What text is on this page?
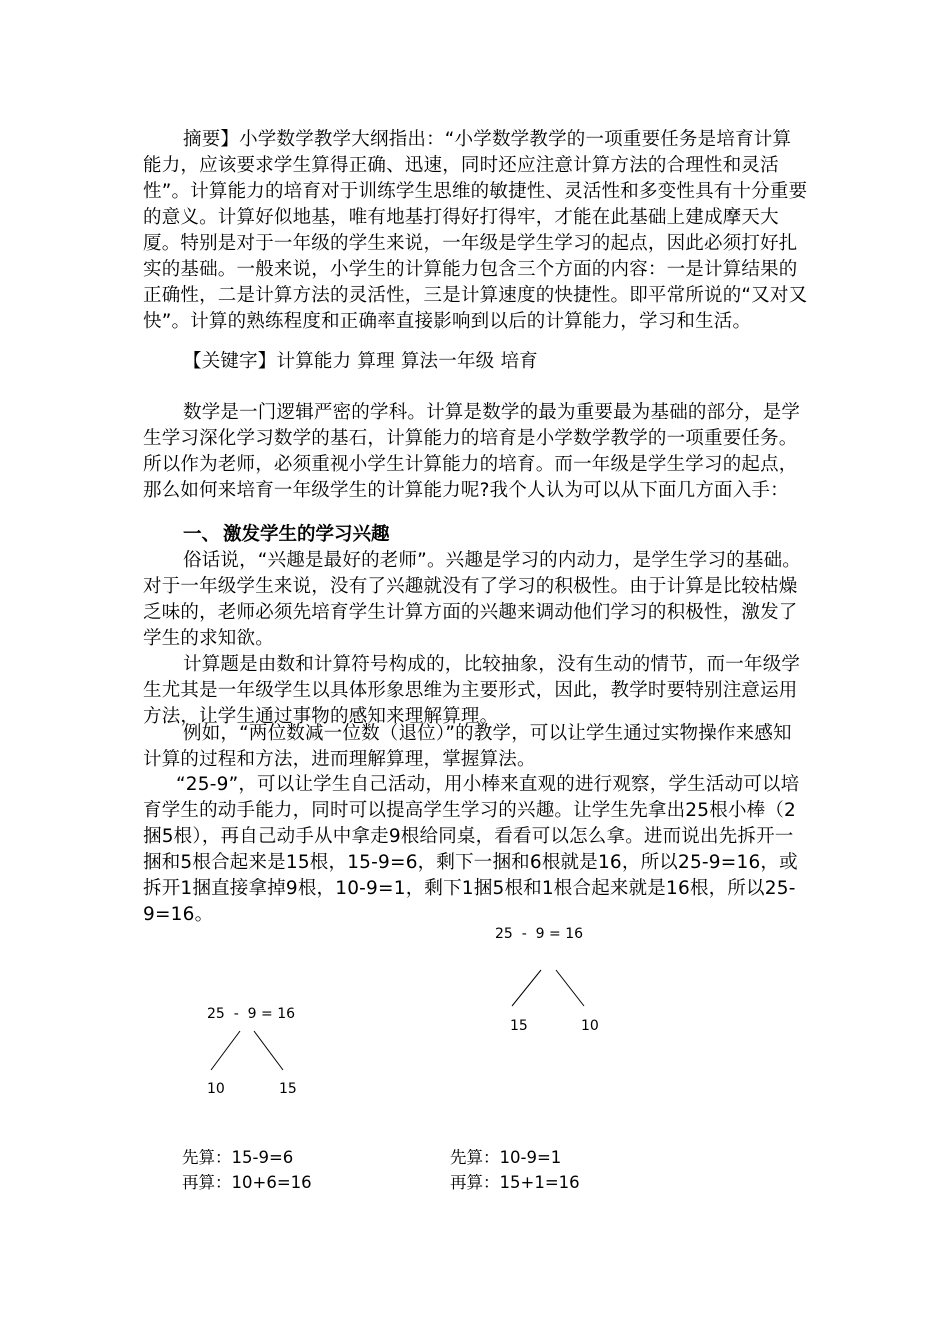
摘要】小学数学教学大纲指出：“小学数学教学的一项重要任务是培育计算能力，应该要求学生算得正确、迅速，同时还应注意计算方法的合理性和灵活性”。计算能力的培育对于训练学生思维的敏捷性、灵活性和多变性具有十分重要的意义。计算好似地基，唯有地基打得好打得牢，才能在此基础上建成摩天大厦。特别是对于一年级的学生来说，一年级是学生学习的起点，因此必须打好扎实的基础。一般来说，小学生的计算能力包含三个方面的内容：一是计算结果的正确性，二是计算方法的灵活性，三是计算速度的快捷性。即平常所说的“又对又快”。计算的熟练程度和正确率直接影响到以后的计算能力，学习和生活。

【关键字】计算能力 算理 算法一年级 培育

数学是一门逻辑严密的学科。计算是数学的最为重要最为基础的部分，是学生学习深化学习数学的基石，计算能力的培育是小学数学教学的一项重要任务。所以作为老师，必须重视小学生计算能力的培育。而一年级是学生学习的起点，那么如何来培育一年级学生的计算能力呢?我个人认为可以从下面几方面入手：

一、 激发学生的学习兴趣

俗话说，“兴趣是最好的老师”。兴趣是学习的内动力，是学生学习的基础。对于一年级学生来说，没有了兴趣就没有了学习的积极性。由于计算是比较枯燥乏味的，老师必须先培育学生计算方面的兴趣来调动他们学习的积极性，激发了学生的求知欲。

计算题是由数和计算符号构成的，比较抽象，没有生动的情节，而一年级学生尤其是一年级学生以具体形象思维为主要形式，因此，教学时要特别注意运用方法，让学生通过事物的感知来理解算理。

例如，“两位数减一位数（退位）”的教学，可以让学生通过实物操作来感知计算的过程和方法，进而理解算理，掌握算法。

“25-9”，可以让学生自己活动，用小棒来直观的进行观察，学生活动可以培育学生的动手能力，同时可以提高学生学习的兴趣。让学生先拿出25根小棒（2捆5根），再自己动手从中拿走9根给同桌，看看可以怎么拿。进而说出先拆开一捆和5根合起来是15根，15-9=6，剩下一捆和6根就是16，所以25-9=16，或拆开1捆直接拿掉9根，10-9=1，剩下1捆5根和1根合起来就是16根，所以25-9=16。

25  -  9 = 16
15	10
25  -  9 = 16
10	15
先算：15-9=6
再算：10+6=16
先算：10-9=1
再算：15+1=16
